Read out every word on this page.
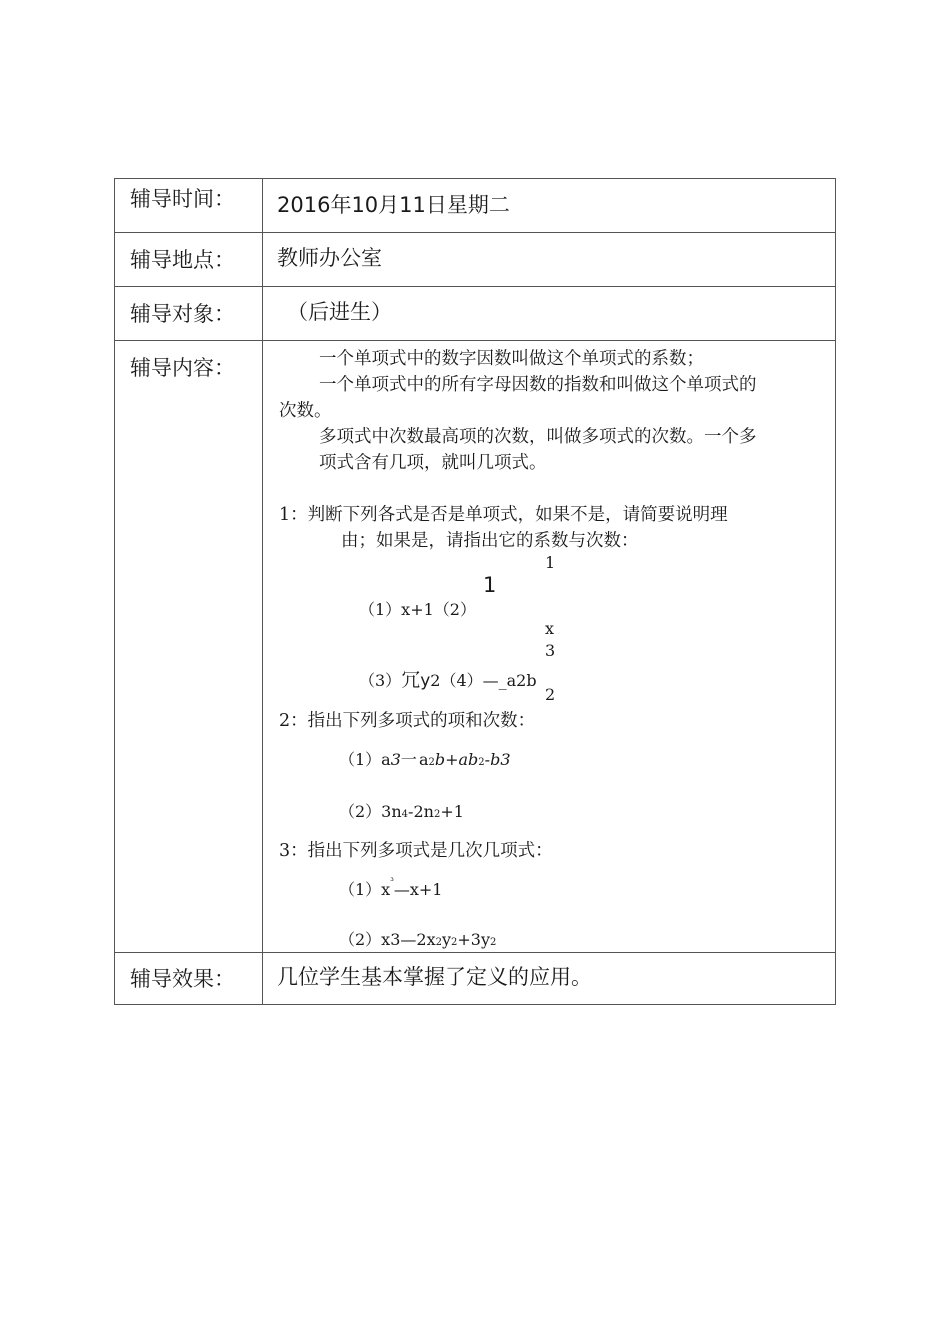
辅导时间：	2016年10月11日星期二
辅导地点：	教师办公室
辅导对象：	（后进生）
辅导内容：	一个单项式中的数字因数叫做这个单项式的系数；
一个单项式中的所有字母因数的指数和叫做这个单项式的
次数。
多项式中次数最高项的次数，叫做多项式的次数。一个多
项式含有几项，就叫几项式。
1：判断下列各式是否是单项式，如果不是，请简要说明理
由；如果是，请指出它的系数与次数：
1
（1）x+1（2）
1
x
3
（3）冗y2（4）—_a2b
2
2：指出下列多项式的项和次数：
（1）a3一 a2b+ab2-b3
（2）3n4-2n2+1
3：指出下列多项式是几次几项式：
$(1)x^{^3}—x+1$
（2）x3—2x2y2+3y2
辅导效果：	几位学生基本掌握了定义的应用。
